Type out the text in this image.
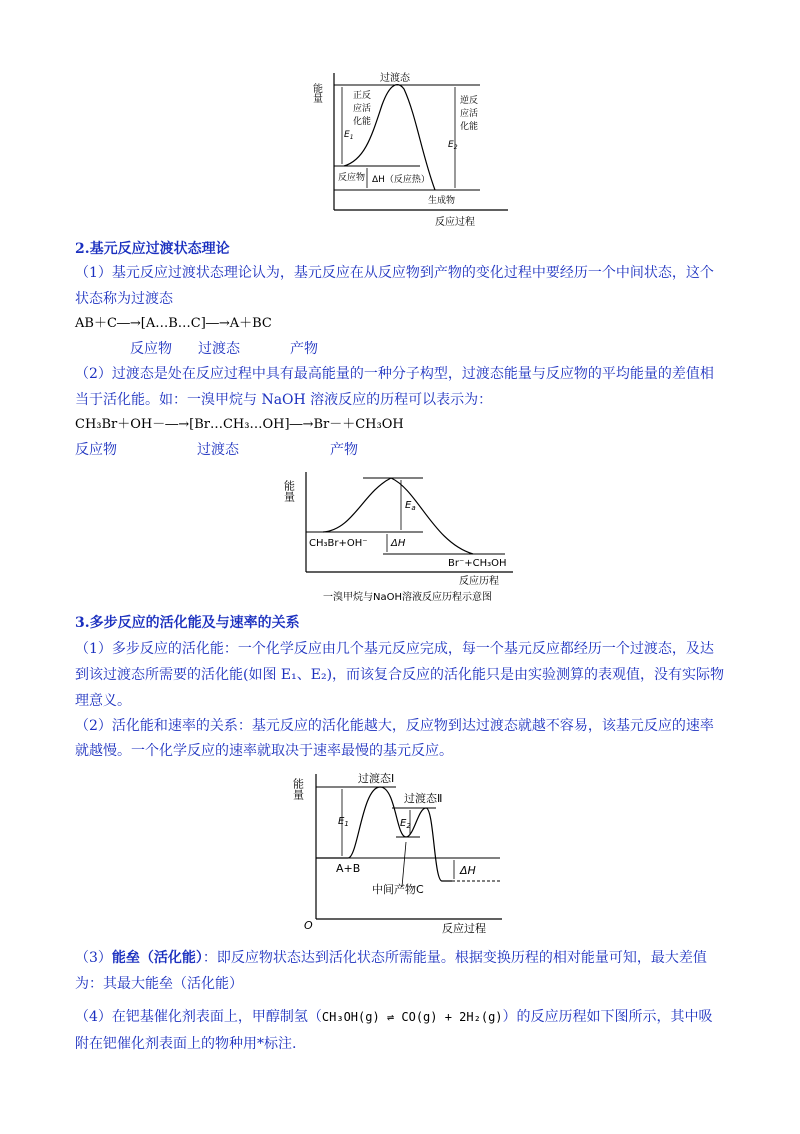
能量
过渡态
正反
应活
化能
$E_1$
逆反
应活
化能
$E_2$
反应物 ΔH（反应热）
生成物
反应过程
2.基元反应过渡状态理论
（1）基元反应过渡状态理论认为，基元反应在从反应物到产物的变化过程中要经历一个中间状态，这个
状态称为过渡态
AB＋C―→[A…B…C]―→A＋BC
反应物 过渡态	产物
（2）过渡态是处在反应过程中具有最高能量的一种分子构型，过渡态能量与反应物的平均能量的差值相
当于活化能。如：一溴甲烷与 NaOH 溶液反应的历程可以表示为：
CH₃Br＋OH－―→[Br…CH₃…OH]―→Br－＋CH₃OH
反应物	过渡态	产物
能量
$E_a$
ΔH
CH₃Br+OH⁻
Br⁻+CH₃OH
反应历程
一溴甲烷与NaOH溶液反应历程示意图
3.多步反应的活化能及与速率的关系
（1）多步反应的活化能：一个化学反应由几个基元反应完成，每一个基元反应都经历一个过渡态，及达
到该过渡态所需要的活化能(如图 E₁、E₂)，而该复合反应的活化能只是由实验测算的表观值，没有实际物
理意义。
（2）活化能和速率的关系：基元反应的活化能越大，反应物到达过渡态就越不容易，该基元反应的速率
就越慢。一个化学反应的速率就取决于速率最慢的基元反应。
能量	过渡态Ⅰ
过渡态Ⅱ
$E_1$	$E_2$
A+B
中间产物C
ΔH
O	反应过程
（3）能垒（活化能）：即反应物状态达到活化状态所需能量。根据变换历程的相对能量可知，最大差值
为：其最大能垒（活化能）
（4）在钯基催化剂表面上，甲醇制氢（CH₃OH(g) ⇌ CO(g) + 2H₂(g)）的反应历程如下图所示，其中吸
附在钯催化剂表面上的物种用*标注.
